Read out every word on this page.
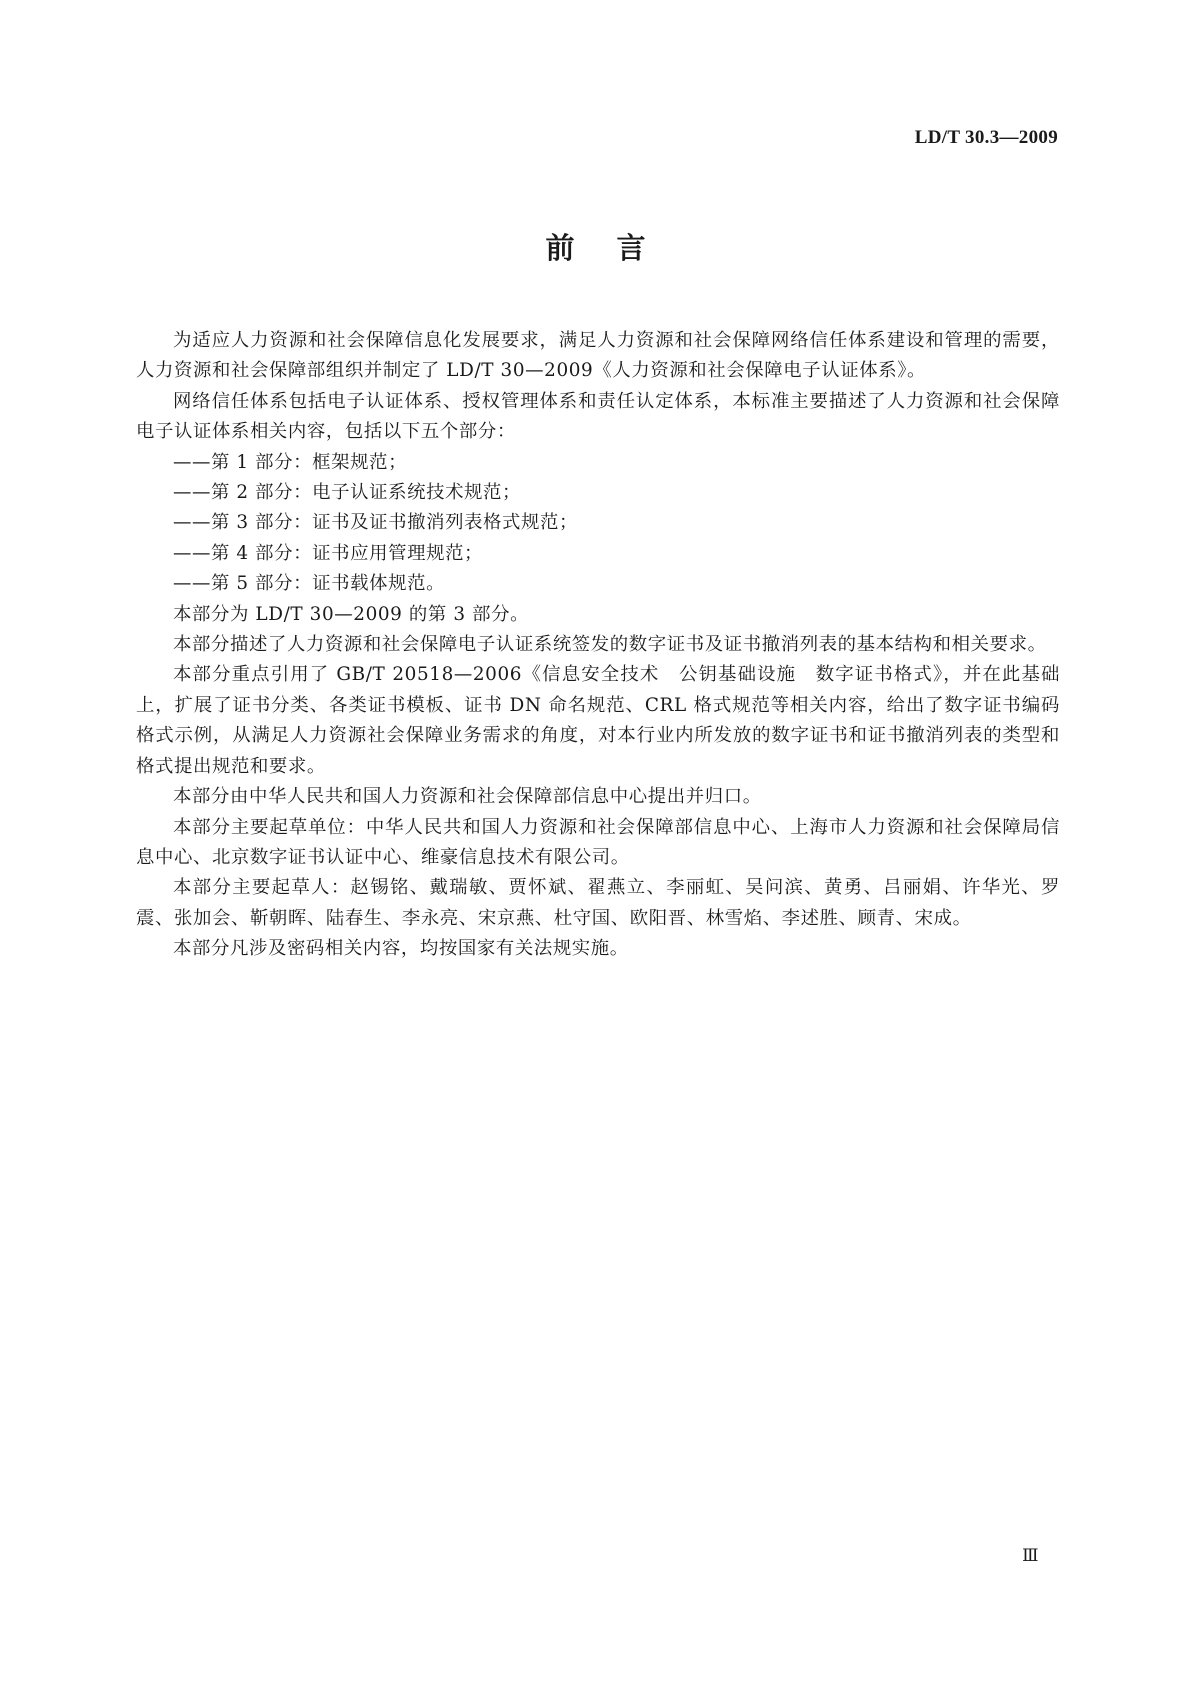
LD/T 30.3—2009
前言

为适应人力资源和社会保障信息化发展要求，满足人力资源和社会保障网络信任体系建设和管理的需要，人力资源和社会保障部组织并制定了 LD/T 30—2009《人力资源和社会保障电子认证体系》。

网络信任体系包括电子认证体系、授权管理体系和责任认定体系，本标准主要描述了人力资源和社会保障电子认证体系相关内容，包括以下五个部分：

——第 1 部分：框架规范；

——第 2 部分：电子认证系统技术规范；

——第 3 部分：证书及证书撤消列表格式规范；

——第 4 部分：证书应用管理规范；

——第 5 部分：证书载体规范。

本部分为 LD/T 30—2009 的第 3 部分。

本部分描述了人力资源和社会保障电子认证系统签发的数字证书及证书撤消列表的基本结构和相关要求。

本部分重点引用了 GB/T 20518—2006《信息安全技术　公钥基础设施　数字证书格式》，并在此基础上，扩展了证书分类、各类证书模板、证书 DN 命名规范、CRL 格式规范等相关内容，给出了数字证书编码格式示例，从满足人力资源社会保障业务需求的角度，对本行业内所发放的数字证书和证书撤消列表的类型和格式提出规范和要求。

本部分由中华人民共和国人力资源和社会保障部信息中心提出并归口。

本部分主要起草单位：中华人民共和国人力资源和社会保障部信息中心、上海市人力资源和社会保障局信息中心、北京数字证书认证中心、维豪信息技术有限公司。

本部分主要起草人：赵锡铭、戴瑞敏、贾怀斌、翟燕立、李丽虹、吴问滨、黄勇、吕丽娟、许华光、罗震、张加会、靳朝晖、陆春生、李永亮、宋京燕、杜守国、欧阳晋、林雪焰、李述胜、顾青、宋成。

本部分凡涉及密码相关内容，均按国家有关法规实施。

Ⅲ
